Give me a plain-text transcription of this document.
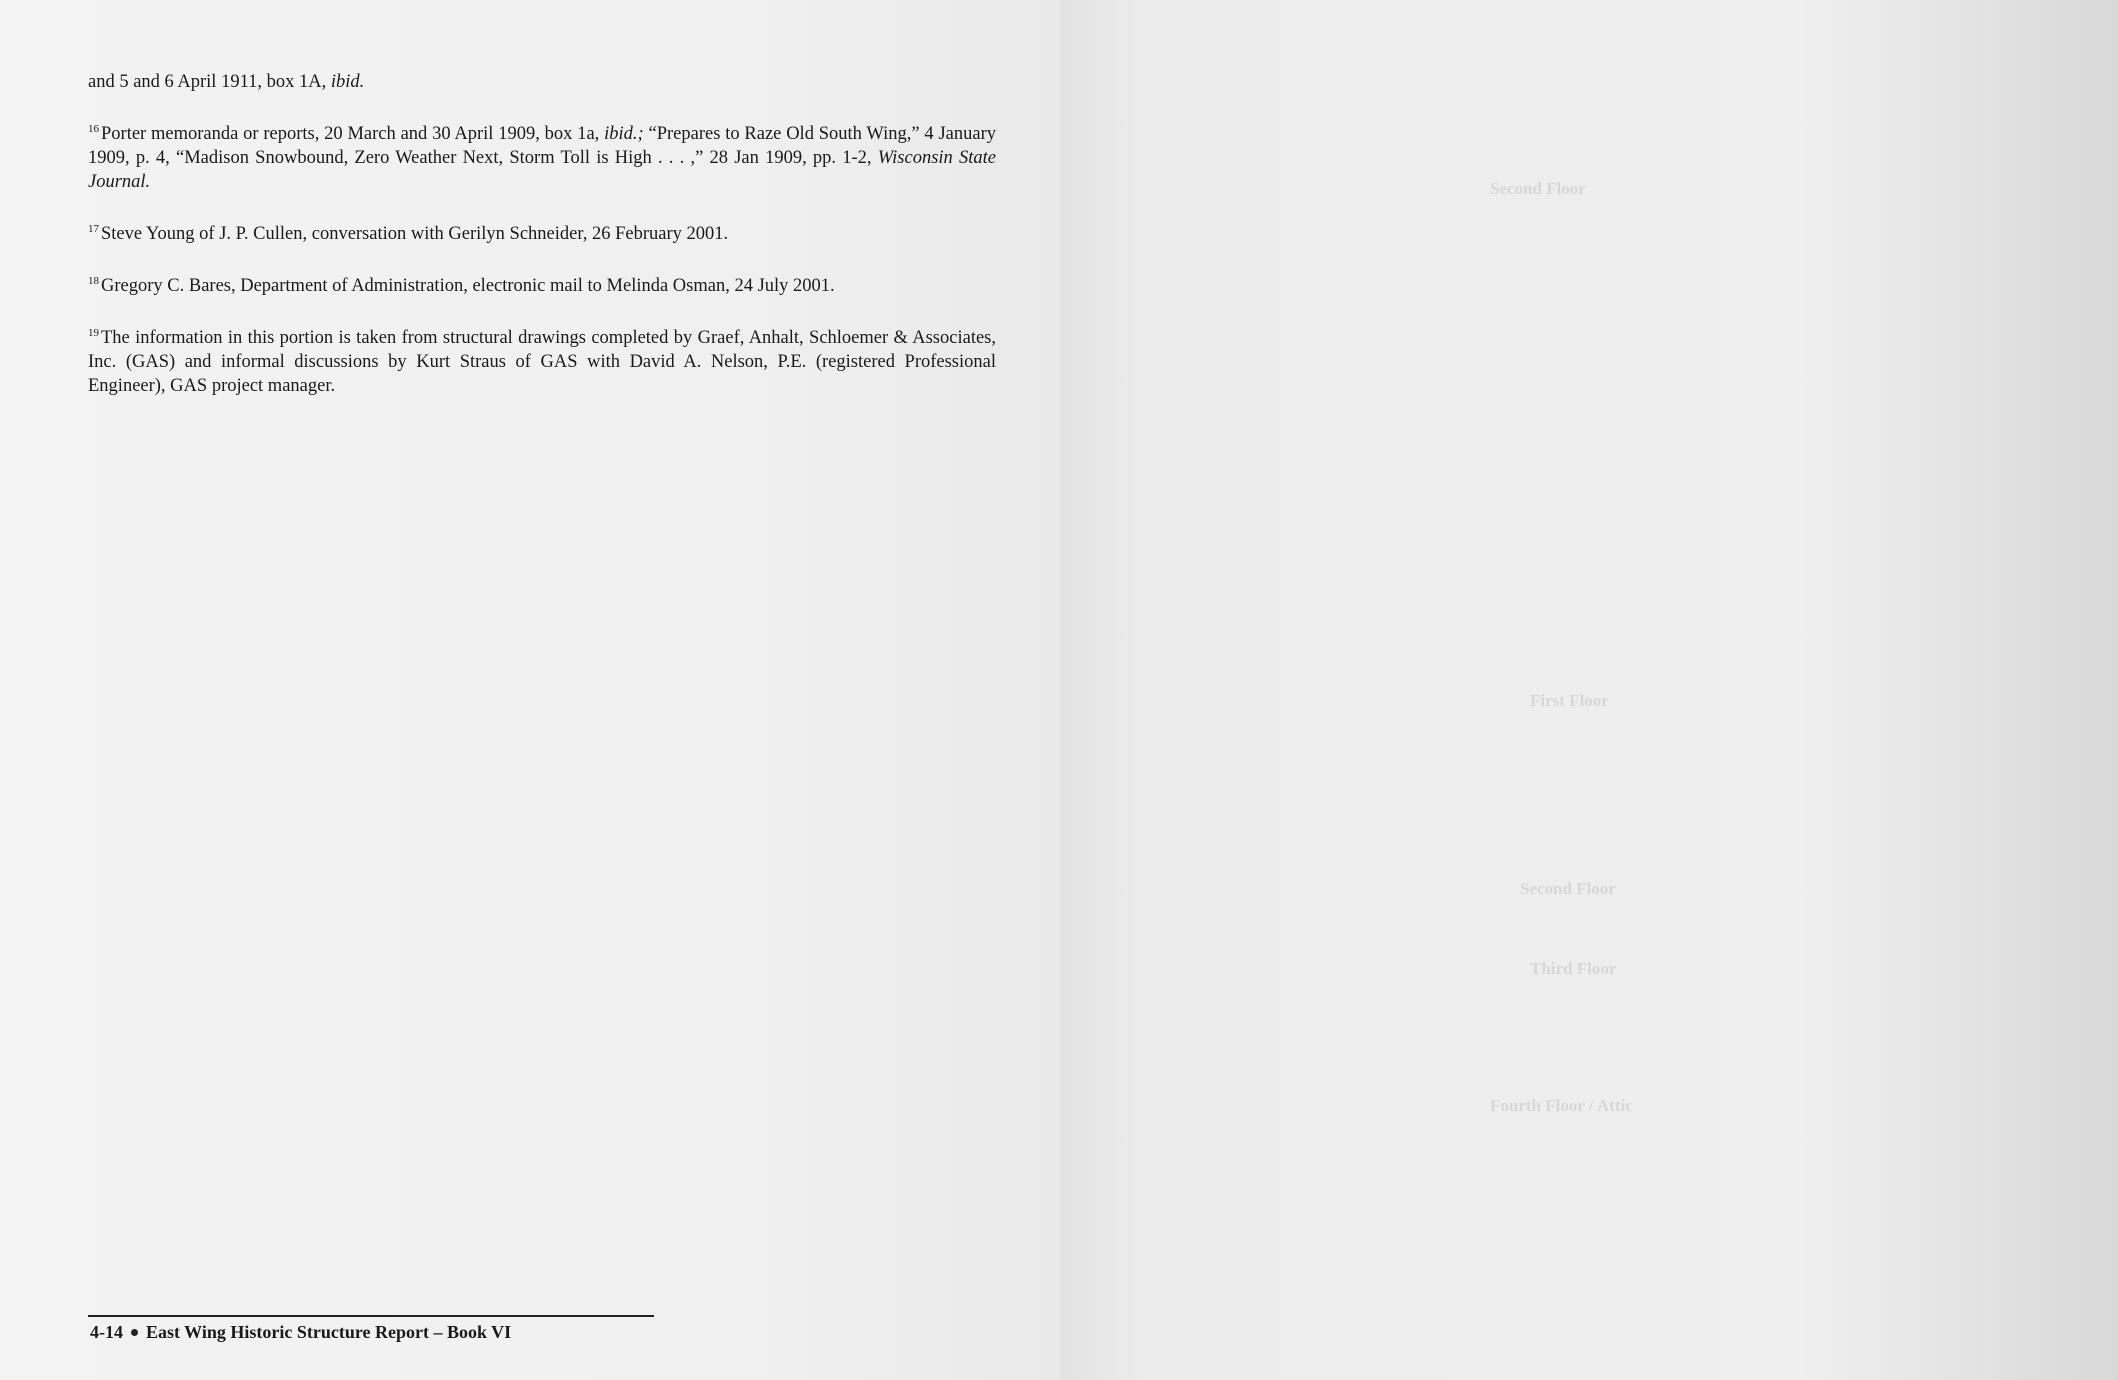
and 5 and 6 April 1911, box 1A, ibid.

$^{16}$ Porter memoranda or reports, 20 March and 30 April 1909, box 1a, ibid.; “Prepares to Raze Old South Wing,” 4 January 1909, p. 4, “Madison Snowbound, Zero Weather Next, Storm Toll is High . . . ,” 28 Jan 1909, pp. 1-2, Wisconsin State Journal.

$^{17}$ Steve Young of J. P. Cullen, conversation with Gerilyn Schneider, 26 February 2001.

$^{18}$ Gregory C. Bares, Department of Administration, electronic mail to Melinda Osman, 24 July 2001.

$^{19}$ The information in this portion is taken from structural drawings completed by Graef, Anhalt, Schloemer & Associates, Inc. (GAS) and informal discussions by Kurt Straus of GAS with David A. Nelson, P.E. (registered Professional Engineer), GAS project manager.

4-14 East Wing Historic Structure Report – Book VI
Second Floor
First Floor
Second Floor
Third Floor
Fourth Floor / Attic
